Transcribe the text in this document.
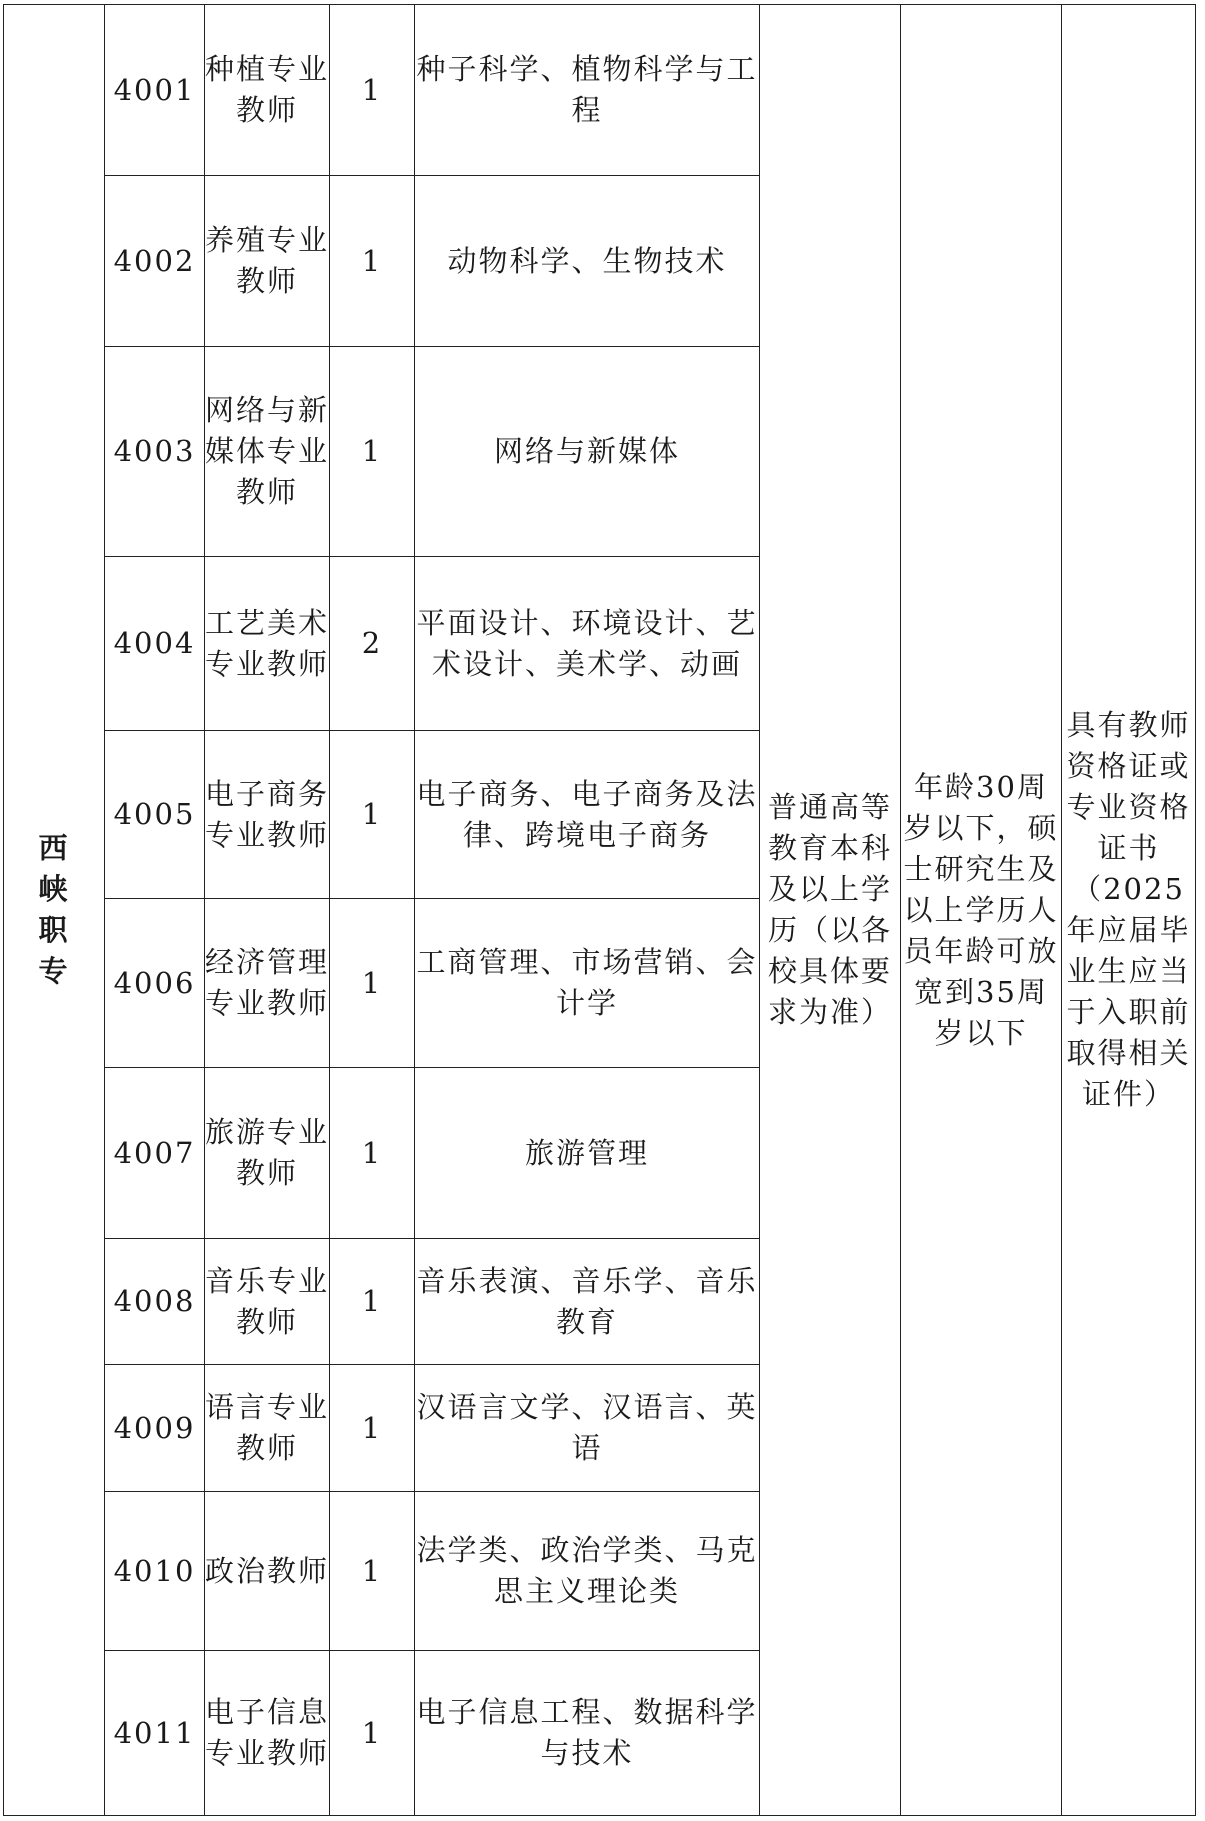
西峡职专	4001	种植专业教师	1	种子科学、植物科学与工程	普通高等教育本科及以上学历（以各校具体要求为准）	年龄30周岁以下，硕士研究生及以上学历人员年龄可放宽到35周岁以下	具有教师资格证或专业资格证书（2025年应届毕业生应当于入职前取得相关证件）
	4002	养殖专业教师	1	动物科学、生物技术			
	4003	网络与新媒体专业教师	1	网络与新媒体			
	4004	工艺美术专业教师	2	平面设计、环境设计、艺术设计、美术学、动画			
	4005	电子商务专业教师	1	电子商务、电子商务及法律、跨境电子商务			
	4006	经济管理专业教师	1	工商管理、市场营销、会计学			
	4007	旅游专业教师	1	旅游管理			
	4008	音乐专业教师	1	音乐表演、音乐学、音乐教育			
	4009	语言专业教师	1	汉语言文学、汉语言、英语			
	4010	政治教师	1	法学类、政治学类、马克思主义理论类			
	4011	电子信息专业教师	1	电子信息工程、数据科学与技术			
